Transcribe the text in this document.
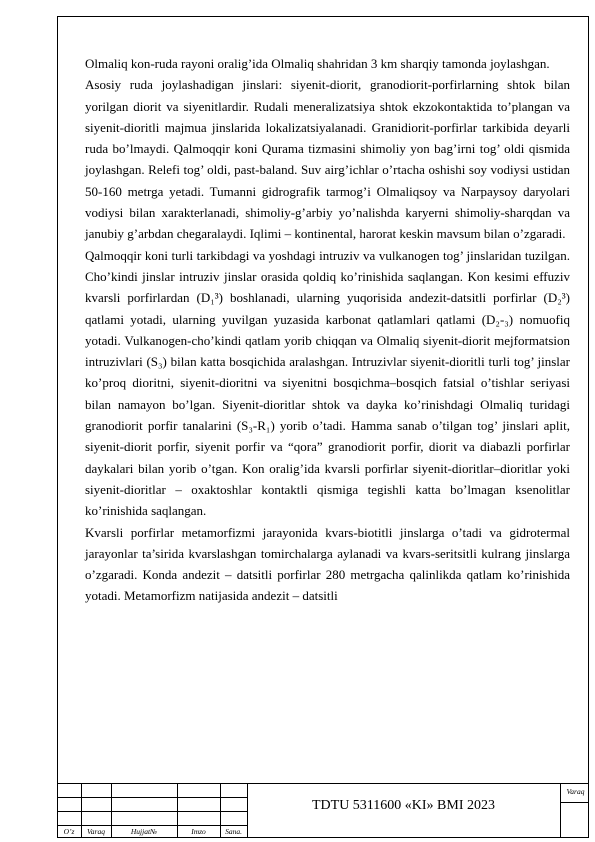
Olmaliq kon-ruda rayoni oralig’ida Olmaliq shahridan 3 km sharqiy tamonda joylashgan.

Asosiy ruda joylashadigan jinslari: siyenit-diorit, granodiorit-porfirlarning shtok bilan yorilgan diorit va siyenitlardir. Rudali meneralizatsiya shtok ekzokontaktida to’plangan va siyenit-dioritli majmua jinslarida lokalizatsiyalanadi. Granidiorit-porfirlar tarkibida deyarli ruda bo’lmaydi. Qalmoqqir koni Qurama tizmasini shimoliy yon bag’irni tog’ oldi qismida joylashgan. Relefi tog’ oldi, past-baland. Suv airg’ichlar o’rtacha oshishi soy vodiysi ustidan 50-160 metrga yetadi. Tumanni gidrografik tarmog’i Olmaliqsoy va Narpaysoy daryolari vodiysi bilan xarakterlanadi, shimoliy-g’arbiy yo’nalishda karyerni shimoliy-sharqdan va janubiy g’arbdan chegaralaydi. Iqlimi – kontinental, harorat keskin mavsum bilan o’zgaradi.

Qalmoqqir koni turli tarkibdagi va yoshdagi intruziv va vulkanogen tog’ jinslaridan tuzilgan. Cho’kindi jinslar intruziv jinslar orasida qoldiq ko’rinishida saqlangan. Kon kesimi effuziv kvarsli porfirlardan (D₁³) boshlanadi, ularning yuqorisida andezit-datsitli porfirlar (D₂³) qatlami yotadi, ularning yuvilgan yuzasida karbonat qatlamlari qatlami (D₂-₃) nomuofiq yotadi. Vulkanogen-cho’kindi qatlam yorib chiqqan va Olmaliq siyenit-diorit mejformatsion intruzivlari (S₃) bilan katta bosqichida aralashgan. Intruzivlar siyenit-dioritli turli tog’ jinslar ko’proq dioritni, siyenit-dioritni va siyenitni bosqichma–bosqich fatsial o’tishlar seriyasi bilan namayon bo’lgan. Siyenit-dioritlar shtok va dayka ko’rinishdagi Olmaliq turidagi granodiorit porfir tanalarini (S₃-R₁) yorib o’tadi. Hamma sanab o’tilgan tog’ jinslari aplit, siyenit-diorit porfir, siyenit porfir va “qora” granodiorit porfir, diorit va diabazli porfirlar daykalari bilan yorib o’tgan. Kon oralig’ida kvarsli porfirlar siyenit-dioritlar–dioritlar yoki siyenit-dioritlar – oxaktoshlar kontaktli qismiga tegishli katta bo’lmagan ksenolitlar ko’rinishida saqlangan.

Kvarsli porfirlar metamorfizmi jarayonida kvars-biotitli jinslarga o’tadi va gidrotermal jarayonlar ta’sirida kvarslashgan tomirchalarga aylanadi va kvars-seritsitli kulrang jinslarga o’zgaradi. Konda andezit – datsitli porfirlar 280 metrgacha qalinlikda qatlam ko’rinishida yotadi. Metamorfizm natijasida andezit – datsitli

O’z	Varaq	Hujjat№	Imzo	Sana.
TDTU 5311600 «KI» BMI 2023
Varaq
